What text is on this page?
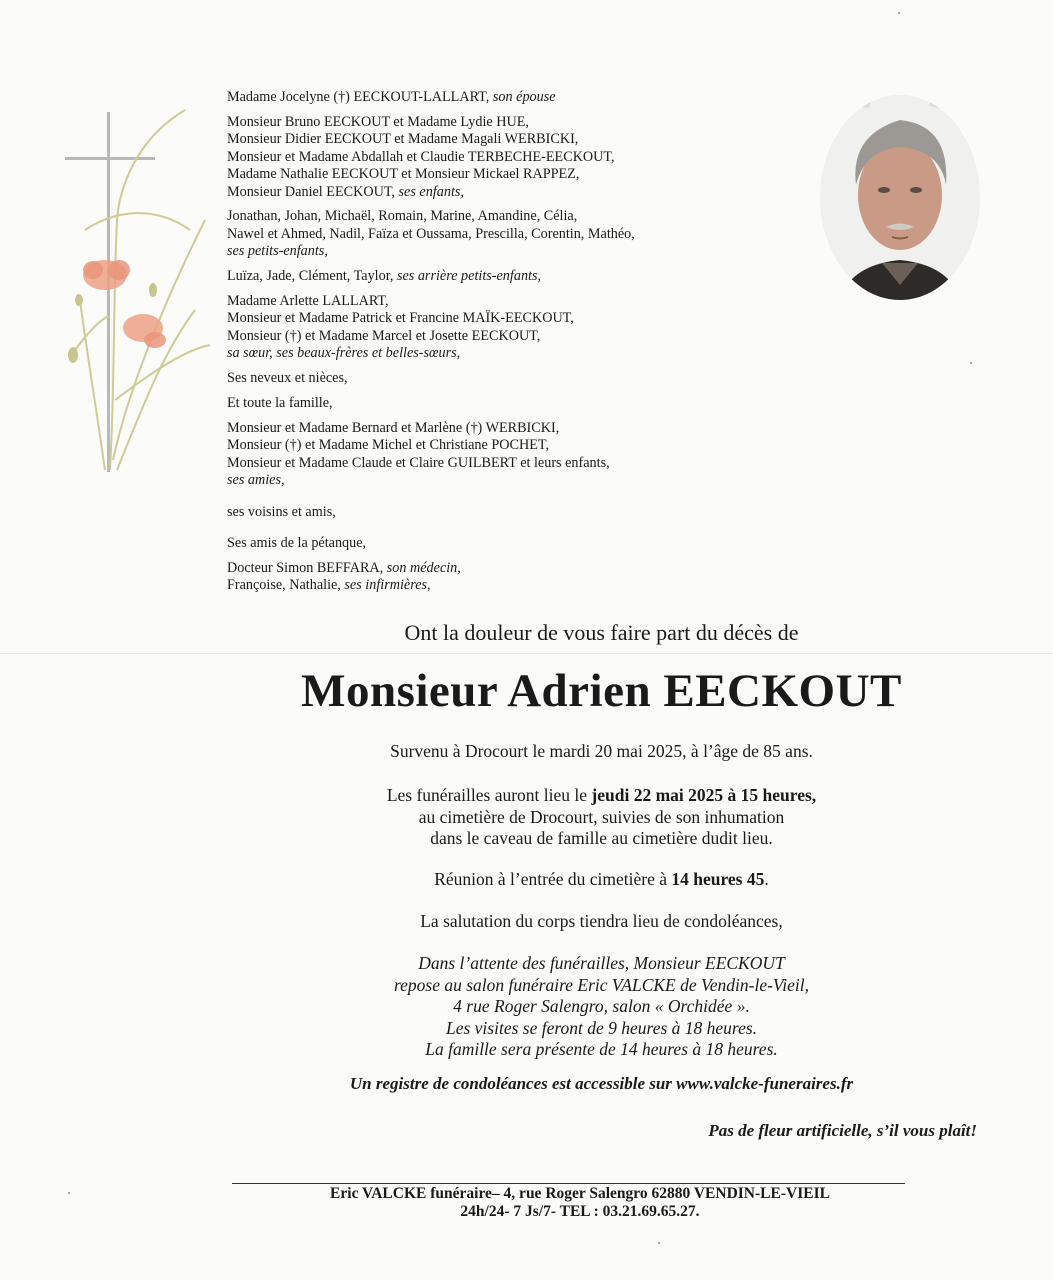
Madame Jocelyne (†) EECKOUT-LALLART, son épouse
Monsieur Bruno EECKOUT et Madame Lydie HUE,
Monsieur Didier EECKOUT et Madame Magali WERBICKI,
Monsieur et Madame Abdallah et Claudie TERBECHE-EECKOUT,
Madame Nathalie EECKOUT et Monsieur Mickael RAPPEZ,
Monsieur Daniel EECKOUT, ses enfants,
Jonathan, Johan, Michaël, Romain, Marine, Amandine, Célia,
Nawel et Ahmed, Nadil, Faïza et Oussama, Prescilla, Corentin, Mathéo,
ses petits-enfants,
Luïza, Jade, Clément, Taylor, ses arrière petits-enfants,
Madame Arlette LALLART,
Monsieur et Madame Patrick et Francine MAÏK-EECKOUT,
Monsieur (†) et Madame Marcel et Josette EECKOUT,
sa sœur, ses beaux-frères et belles-sœurs,
Ses neveux et nièces,
Et toute la famille,
Monsieur et Madame Bernard et Marlène (†) WERBICKI,
Monsieur (†) et Madame Michel et Christiane POCHET,
Monsieur et Madame Claude et Claire GUILBERT et leurs enfants,
ses amies,
ses voisins et amis,
Ses amis de la pétanque,
Docteur Simon BEFFARA, son médecin,
Françoise, Nathalie, ses infirmières,
Ont la douleur de vous faire part du décès de
Monsieur Adrien EECKOUT
Survenu à Drocourt le mardi 20 mai 2025, à l’âge de 85 ans.
Les funérailles auront lieu le jeudi 22 mai 2025 à 15 heures,
au cimetière de Drocourt, suivies de son inhumation
dans le caveau de famille au cimetière dudit lieu.
Réunion à l’entrée du cimetière à 14 heures 45.
La salutation du corps tiendra lieu de condoléances,
Dans l’attente des funérailles, Monsieur EECKOUT
repose au salon funéraire Eric VALCKE de Vendin-le-Vieil,
4 rue Roger Salengro, salon « Orchidée ».
Les visites se feront de 9 heures à 18 heures.
La famille sera présente de 14 heures à 18 heures.
Un registre de condoléances est accessible sur www.valcke-funeraires.fr
Pas de fleur artificielle, s’il vous plaît!
Eric VALCKE funéraire– 4, rue Roger Salengro 62880 VENDIN-LE-VIEIL
24h/24- 7 Js/7- TEL : 03.21.69.65.27.
